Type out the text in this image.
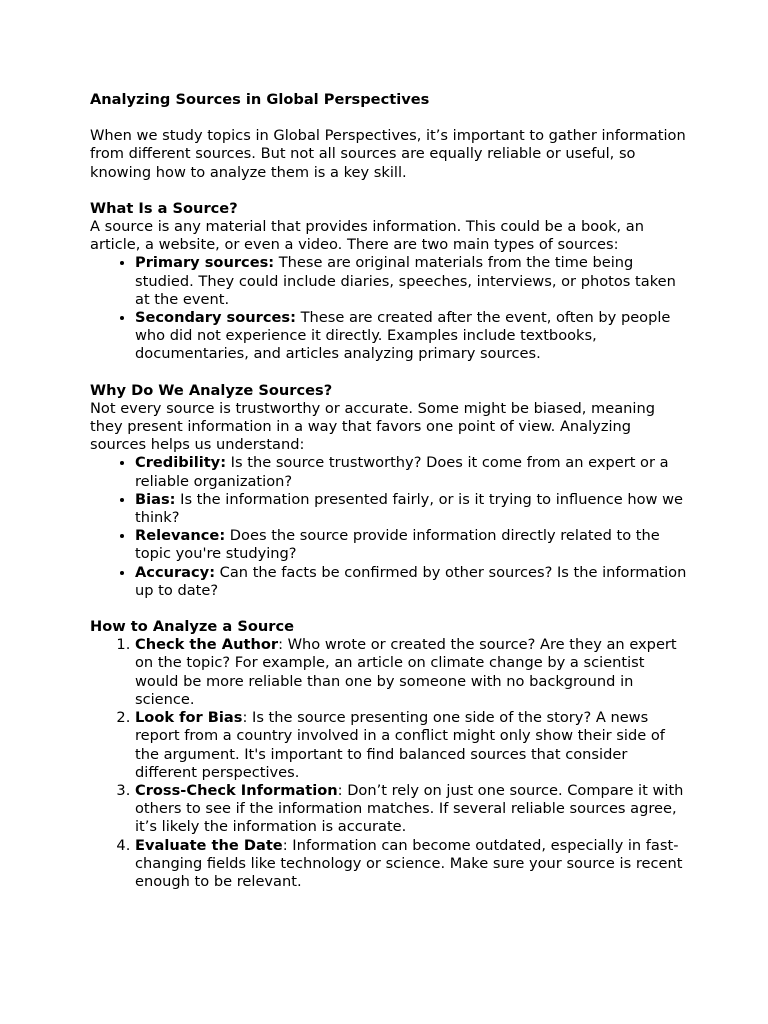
Analyzing Sources in Global Perspectives

When we study topics in Global Perspectives, it’s important to gather information from different sources. But not all sources are equally reliable or useful, so knowing how to analyze them is a key skill.

What Is a Source?

A source is any material that provides information. This could be a book, an article, a website, or even a video. There are two main types of sources:

• Primary sources: These are original materials from the time being studied. They could include diaries, speeches, interviews, or photos taken at the event.
• Secondary sources: These are created after the event, often by people who did not experience it directly. Examples include textbooks, documentaries, and articles analyzing primary sources.

Why Do We Analyze Sources?

Not every source is trustworthy or accurate. Some might be biased, meaning they present information in a way that favors one point of view. Analyzing sources helps us understand:

• Credibility: Is the source trustworthy? Does it come from an expert or a reliable organization?
• Bias: Is the information presented fairly, or is it trying to influence how we think?
• Relevance: Does the source provide information directly related to the topic you're studying?
• Accuracy: Can the facts be confirmed by other sources? Is the information up to date?

How to Analyze a Source

1. Check the Author: Who wrote or created the source? Are they an expert on the topic? For example, an article on climate change by a scientist would be more reliable than one by someone with no background in science.
2. Look for Bias: Is the source presenting one side of the story? A news report from a country involved in a conflict might only show their side of the argument. It's important to find balanced sources that consider different perspectives.
3. Cross-Check Information: Don’t rely on just one source. Compare it with others to see if the information matches. If several reliable sources agree, it’s likely the information is accurate.
4. Evaluate the Date: Information can become outdated, especially in fast-changing fields like technology or science. Make sure your source is recent enough to be relevant.
